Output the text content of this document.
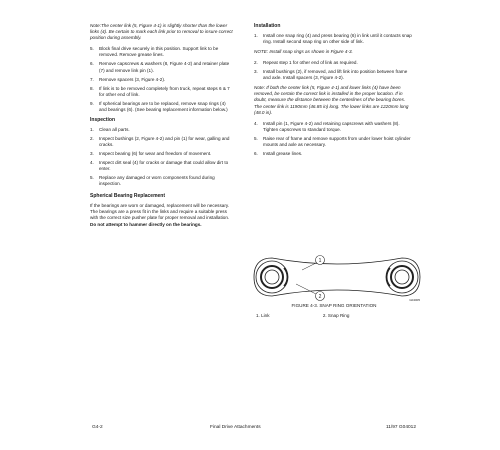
Note:The center link (5, Figure 4-1) is slightly shorter than the lower links (4). Be certain to mark each link prior to removal to insure correct position during assembly.

5. Block final drive securely in this position. Support link to be removed. Remove grease lines.
6. Remove capscrews & washers (8, Figure 4-2) and retainer plate (7) and remove link pin (1).
7. Remove spacers (3, Figure 4-2).
8. If link is to be removed completely from truck, repeat steps 6 & 7 for other end of link.
9. If spherical bearings are to be replaced, remove snap rings (4) and bearings (6). (See bearing replacement information below.)
Inspection
1. Clean all parts.
2. Inspect bushings (2, Figure 4-2) and pin (1) for wear, galling and cracks.
3. Inspect bearing (6) for wear and freedom of movement.
4. Inspect dirt seal (4) for cracks or damage that could allow dirt to enter.
5. Replace any damaged or worn components found during inspection.
Spherical Bearing Replacement

If the bearings are worn or damaged, replacement will be necessary. The bearings are a press fit in the links and require a suitable press with the correct size pusher plate for proper removal and installation. Do not attempt to hammer directly on the bearings.

Installation
1. Install one snap ring (4) and press bearing (6) in link until it contacts snap ring. Install second snap ring on other side of link.

NOTE: Install snap rings as shown in Figure 4-3.

2. Repeat step 1 for other end of link as required.
3. Install bushings (2), if removed, and lift link into position between frame and axle. Install spacers (3, Figure 4-2).

Note: If both the center link (5, Figure 4-1) and lower links (4) have been removed, be certain the correct link is installed in the proper location. If in doubt, measure the distance between the centerlines of the bearing bores. The center link is 1190mm (46.85 in) long. The lower links are 1220mm long (48.0 in).

4. Install pin (1, Figure 4-2) and retaining capscrews with washers (8). Tighten capscrews to standard torque.
5. Raise rear of frame and remove supports from under lower hoist cylinder mounts and axle as necessary.
6. Install grease lines.
1
2
G04005
FIGURE 4-3. SNAP RING ORIENTATION
1. Link	2. Snap Ring
G4-2	Final Drive Attachments	11/97 G04012
